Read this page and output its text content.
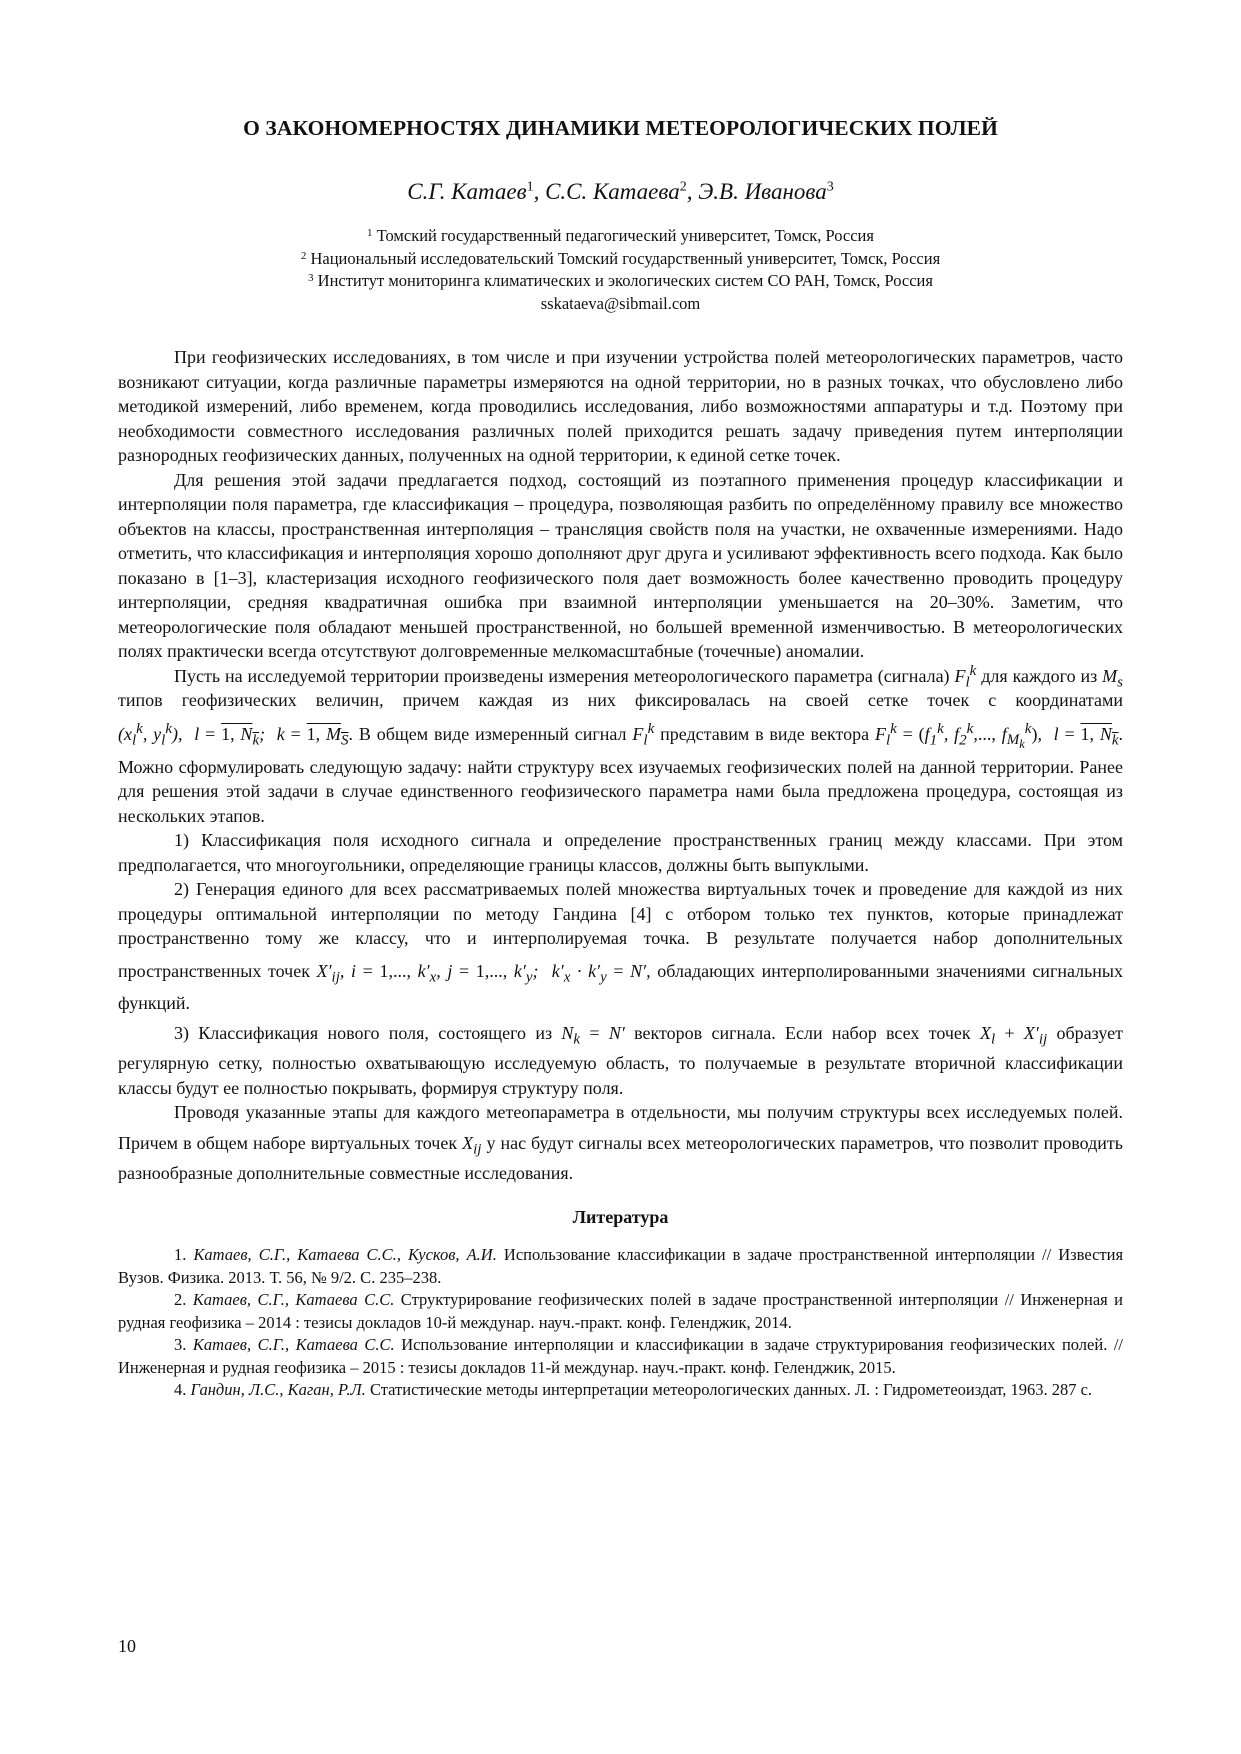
О ЗАКОНОМЕРНОСТЯХ ДИНАМИКИ МЕТЕОРОЛОГИЧЕСКИХ ПОЛЕЙ
С.Г. Катаев$^1$, С.С. Катаева$^2$, Э.В. Иванова$^3$
$^1$ Томский государственный педагогический университет, Томск, Россия
$^2$ Национальный исследовательский Томский государственный университет, Томск, Россия
$^3$ Институт мониторинга климатических и экологических систем СО РАН, Томск, Россия
sskataeva@sibmail.com

При геофизических исследованиях, в том числе и при изучении устройства полей метеорологических параметров, часто возникают ситуации, когда различные параметры измеряются на одной территории, но в разных точках, что обусловлено либо методикой измерений, либо временем, когда проводились исследования, либо возможностями аппаратуры и т.д. Поэтому при необходимости совместного исследования различных полей приходится решать задачу приведения путем интерполяции разнородных геофизических данных, полученных на одной территории, к единой сетке точек.

Для решения этой задачи предлагается подход, состоящий из поэтапного применения процедур классификации и интерполяции поля параметра, где классификация – процедура, позволяющая разбить по определённому правилу все множество объектов на классы, пространственная интерполяция – трансляция свойств поля на участки, не охваченные измерениями. Надо отметить, что классификация и интерполяция хорошо дополняют друг друга и усиливают эффективность всего подхода. Как было показано в [1–3], кластеризация исходного геофизического поля дает возможность более качественно проводить процедуру интерполяции, средняя квадратичная ошибка при взаимной интерполяции уменьшается на 20–30%. Заметим, что метеорологические поля обладают меньшей пространственной, но большей временной изменчивостью. В метеорологических полях практически всегда отсутствуют долговременные мелкомасштабные (точечные) аномалии.

Пусть на исследуемой территории произведены измерения метеорологического параметра (сигнала) $F_l^k$ для каждого из $M_s$ типов геофизических величин, причем каждая из них фиксировалась на своей сетке точек с координатами ($x_l^k$, $y_l^k$),  l = 1, $N_k$;  k = 1, $M_S$. В общем виде измеренный сигнал $F_l^k$ представим в виде вектора $F_l^k = (f_1^k$, $f_2^k$,..., $f_{M_k}^k$),  l = 1, $N_k$. Можно сформулировать следующую задачу: найти структуру всех изучаемых геофизических полей на данной территории. Ранее для решения этой задачи в случае единственного геофизического параметра нами была предложена процедура, состоящая из нескольких этапов.

1) Классификация поля исходного сигнала и определение пространственных границ между классами. При этом предполагается, что многоугольники, определяющие границы классов, должны быть выпуклыми.

2) Генерация единого для всех рассматриваемых полей множества виртуальных точек и проведение для каждой из них процедуры оптимальной интерполяции по методу Гандина [4] с отбором только тех пунктов, которые принадлежат пространственно тому же классу, что и интерполируемая точка. В результате получается набор дополнительных пространственных точек $X'_{ij}$, i = 1,..., $k'_x$, j = 1,..., $k'_y$;  $k'_x \cdot k'_y = N'$, обладающих интерполированными значениями сигнальных функций.

3) Классификация нового поля, состоящего из $N_k = N'$ векторов сигнала. Если набор всех точек $X_l + X'_{ij}$ образует регулярную сетку, полностью охватывающую исследуемую область, то получаемые в результате вторичной классификации классы будут ее полностью покрывать, формируя структуру поля.

Проводя указанные этапы для каждого метеопараметра в отдельности, мы получим структуры всех исследуемых полей. Причем в общем наборе виртуальных точек $X_{ij}$ у нас будут сигналы всех метеорологических параметров, что позволит проводить разнообразные дополнительные совместные исследования.

Литература

1. Катаев, С.Г., Катаева С.С., Кусков, А.И. Использование классификации в задаче пространственной интерполяции // Известия Вузов. Физика. 2013. Т. 56, № 9/2. С. 235–238.

2. Катаев, С.Г., Катаева С.С. Структурирование геофизических полей в задаче пространственной интерполяции // Инженерная и рудная геофизика – 2014 : тезисы докладов 10-й междунар. науч.-практ. конф. Геленджик, 2014.

3. Катаев, С.Г., Катаева С.С. Использование интерполяции и классификации в задаче структурирования геофизических полей. // Инженерная и рудная геофизика – 2015 : тезисы докладов 11-й междунар. науч.-практ. конф. Геленджик, 2015.

4. Гандин, Л.С., Каган, Р.Л. Статистические методы интерпретации метеорологических данных. Л. : Гидрометеоиздат, 1963. 287 с.

10
